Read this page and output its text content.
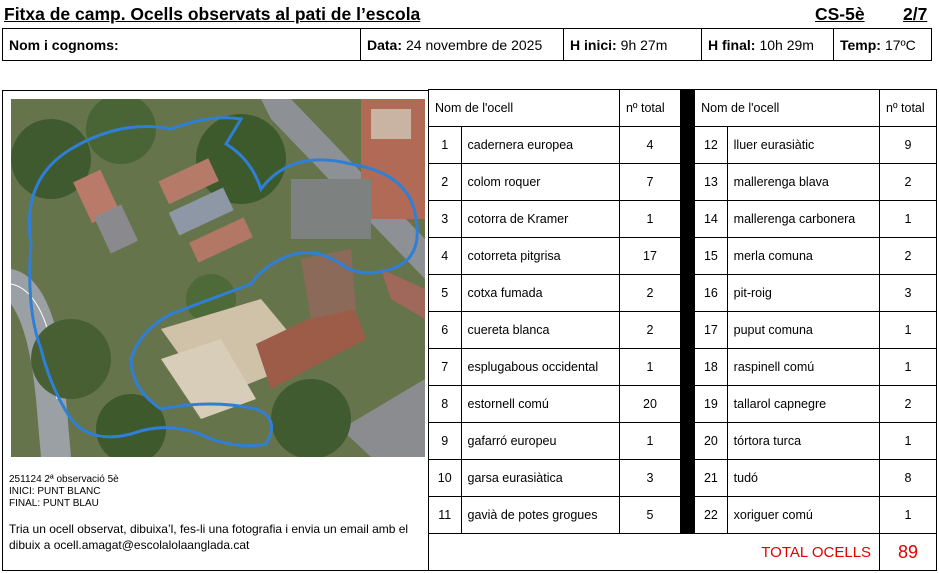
Fitxa de camp. Ocells observats al pati de l’escola	CS-5è 2/7
Nom i cognoms:	Data: 24 novembre de 2025 H inici: 9h 27m	H final: 10h 29m Temp: 17ºC
251124 2ª observació 5è
INICI: PUNT BLANC
FINAL: PUNT BLAU
Tria un ocell observat, dibuixa’l, fes-li una fotografia i envia un email amb el dibuix a ocell.amagat@escolalolaanglada.cat
Nom de l'ocell		nº total		Nom de l'ocell		nº total
1	cadernera europea	4		12	lluer eurasiàtic	9
2	colom roquer	7		13	mallerenga blava	2
3	cotorra de Kramer	1		14	mallerenga carbonera	1
4	cotorreta pitgrisa	17		15	merla comuna	2
5	cotxa fumada	2		16	pit-roig	3
6	cuereta blanca	2		17	puput comuna	1
7	esplugabous occidental	1		18	raspinell comú	1
8	estornell comú	20		19	tallarol capnegre	2
9	gafarró europeu	1		20	tórtora turca	1
10	garsa eurasiàtica	3		21	tudó	8
11	gavià de potes grogues	5		22	xoriguer comú	1
TOTAL OCELLS						89
